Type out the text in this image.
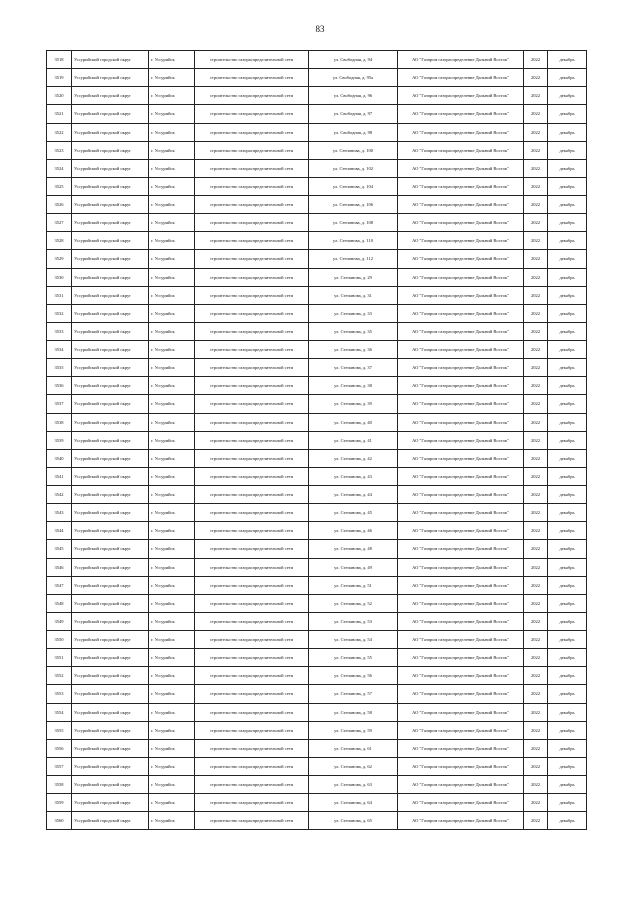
83
3518	Уссурийский городской округ	г. Уссурийск	строительство газораспределительной сети	ул. Свободная, д. 94	АО "Газпром газораспределение Дальний Восток"	2022	декабрь
3519	Уссурийский городской округ	г. Уссурийск	строительство газораспределительной сети	ул. Свободная, д. 95а	АО "Газпром газораспределение Дальний Восток"	2022	декабрь
3520	Уссурийский городской округ	г. Уссурийск	строительство газораспределительной сети	ул. Свободная, д. 96	АО "Газпром газораспределение Дальний Восток"	2022	декабрь
3521	Уссурийский городской округ	г. Уссурийск	строительство газораспределительной сети	ул. Свободная, д. 97	АО "Газпром газораспределение Дальний Восток"	2022	декабрь
3522	Уссурийский городской округ	г. Уссурийск	строительство газораспределительной сети	ул. Свободная, д. 98	АО "Газпром газораспределение Дальний Восток"	2022	декабрь
3523	Уссурийский городской округ	г. Уссурийск	строительство газораспределительной сети	ул. Степанова, д. 100	АО "Газпром газораспределение Дальний Восток"	2022	декабрь
3524	Уссурийский городской округ	г. Уссурийск	строительство газораспределительной сети	ул. Степанова, д. 102	АО "Газпром газораспределение Дальний Восток"	2022	декабрь
3525	Уссурийский городской округ	г. Уссурийск	строительство газораспределительной сети	ул. Степанова, д. 104	АО "Газпром газораспределение Дальний Восток"	2022	декабрь
3526	Уссурийский городской округ	г. Уссурийск	строительство газораспределительной сети	ул. Степанова, д. 106	АО "Газпром газораспределение Дальний Восток"	2022	декабрь
3527	Уссурийский городской округ	г. Уссурийск	строительство газораспределительной сети	ул. Степанова, д. 108	АО "Газпром газораспределение Дальний Восток"	2022	декабрь
3528	Уссурийский городской округ	г. Уссурийск	строительство газораспределительной сети	ул. Степанова, д. 110	АО "Газпром газораспределение Дальний Восток"	2022	декабрь
3529	Уссурийский городской округ	г. Уссурийск	строительство газораспределительной сети	ул. Степанова, д. 112	АО "Газпром газораспределение Дальний Восток"	2022	декабрь
3530	Уссурийский городской округ	г. Уссурийск	строительство газораспределительной сети	ул. Степанова, д. 29	АО "Газпром газораспределение Дальний Восток"	2022	декабрь
3531	Уссурийский городской округ	г. Уссурийск	строительство газораспределительной сети	ул. Степанова, д. 31	АО "Газпром газораспределение Дальний Восток"	2022	декабрь
3532	Уссурийский городской округ	г. Уссурийск	строительство газораспределительной сети	ул. Степанова, д. 33	АО "Газпром газораспределение Дальний Восток"	2022	декабрь
3533	Уссурийский городской округ	г. Уссурийск	строительство газораспределительной сети	ул. Степанова, д. 35	АО "Газпром газораспределение Дальний Восток"	2022	декабрь
3534	Уссурийский городской округ	г. Уссурийск	строительство газораспределительной сети	ул. Степанова, д. 36	АО "Газпром газораспределение Дальний Восток"	2022	декабрь
3535	Уссурийский городской округ	г. Уссурийск	строительство газораспределительной сети	ул. Степанова, д. 37	АО "Газпром газораспределение Дальний Восток"	2022	декабрь
3536	Уссурийский городской округ	г. Уссурийск	строительство газораспределительной сети	ул. Степанова, д. 38	АО "Газпром газораспределение Дальний Восток"	2022	декабрь
3537	Уссурийский городской округ	г. Уссурийск	строительство газораспределительной сети	ул. Степанова, д. 39	АО "Газпром газораспределение Дальний Восток"	2022	декабрь
3538	Уссурийский городской округ	г. Уссурийск	строительство газораспределительной сети	ул. Степанова, д. 40	АО "Газпром газораспределение Дальний Восток"	2022	декабрь
3539	Уссурийский городской округ	г. Уссурийск	строительство газораспределительной сети	ул. Степанова, д. 41	АО "Газпром газораспределение Дальний Восток"	2022	декабрь
3540	Уссурийский городской округ	г. Уссурийск	строительство газораспределительной сети	ул. Степанова, д. 42	АО "Газпром газораспределение Дальний Восток"	2022	декабрь
3541	Уссурийский городской округ	г. Уссурийск	строительство газораспределительной сети	ул. Степанова, д. 43	АО "Газпром газораспределение Дальний Восток"	2022	декабрь
3542	Уссурийский городской округ	г. Уссурийск	строительство газораспределительной сети	ул. Степанова, д. 44	АО "Газпром газораспределение Дальний Восток"	2022	декабрь
3543	Уссурийский городской округ	г. Уссурийск	строительство газораспределительной сети	ул. Степанова, д. 45	АО "Газпром газораспределение Дальний Восток"	2022	декабрь
3544	Уссурийский городской округ	г. Уссурийск	строительство газораспределительной сети	ул. Степанова, д. 46	АО "Газпром газораспределение Дальний Восток"	2022	декабрь
3545	Уссурийский городской округ	г. Уссурийск	строительство газораспределительной сети	ул. Степанова, д. 48	АО "Газпром газораспределение Дальний Восток"	2022	декабрь
3546	Уссурийский городской округ	г. Уссурийск	строительство газораспределительной сети	ул. Степанова, д. 49	АО "Газпром газораспределение Дальний Восток"	2022	декабрь
3547	Уссурийский городской округ	г. Уссурийск	строительство газораспределительной сети	ул. Степанова, д. 51	АО "Газпром газораспределение Дальний Восток"	2022	декабрь
3548	Уссурийский городской округ	г. Уссурийск	строительство газораспределительной сети	ул. Степанова, д. 52	АО "Газпром газораспределение Дальний Восток"	2022	декабрь
3549	Уссурийский городской округ	г. Уссурийск	строительство газораспределительной сети	ул. Степанова, д. 53	АО "Газпром газораспределение Дальний Восток"	2022	декабрь
3550	Уссурийский городской округ	г. Уссурийск	строительство газораспределительной сети	ул. Степанова, д. 54	АО "Газпром газораспределение Дальний Восток"	2022	декабрь
3551	Уссурийский городской округ	г. Уссурийск	строительство газораспределительной сети	ул. Степанова, д. 55	АО "Газпром газораспределение Дальний Восток"	2022	декабрь
3552	Уссурийский городской округ	г. Уссурийск	строительство газораспределительной сети	ул. Степанова, д. 56	АО "Газпром газораспределение Дальний Восток"	2022	декабрь
3553	Уссурийский городской округ	г. Уссурийск	строительство газораспределительной сети	ул. Степанова, д. 57	АО "Газпром газораспределение Дальний Восток"	2022	декабрь
3554	Уссурийский городской округ	г. Уссурийск	строительство газораспределительной сети	ул. Степанова, д. 58	АО "Газпром газораспределение Дальний Восток"	2022	декабрь
3555	Уссурийский городской округ	г. Уссурийск	строительство газораспределительной сети	ул. Степанова, д. 59	АО "Газпром газораспределение Дальний Восток"	2022	декабрь
3556	Уссурийский городской округ	г. Уссурийск	строительство газораспределительной сети	ул. Степанова, д. 61	АО "Газпром газораспределение Дальний Восток"	2022	декабрь
3557	Уссурийский городской округ	г. Уссурийск	строительство газораспределительной сети	ул. Степанова, д. 62	АО "Газпром газораспределение Дальний Восток"	2022	декабрь
3558	Уссурийский городской округ	г. Уссурийск	строительство газораспределительной сети	ул. Степанова, д. 63	АО "Газпром газораспределение Дальний Восток"	2022	декабрь
3559	Уссурийский городской округ	г. Уссурийск	строительство газораспределительной сети	ул. Степанова, д. 64	АО "Газпром газораспределение Дальний Восток"	2022	декабрь
3560	Уссурийский городской округ	г. Уссурийск	строительство газораспределительной сети	ул. Степанова, д. 65	АО "Газпром газораспределение Дальний Восток"	2022	декабрь
